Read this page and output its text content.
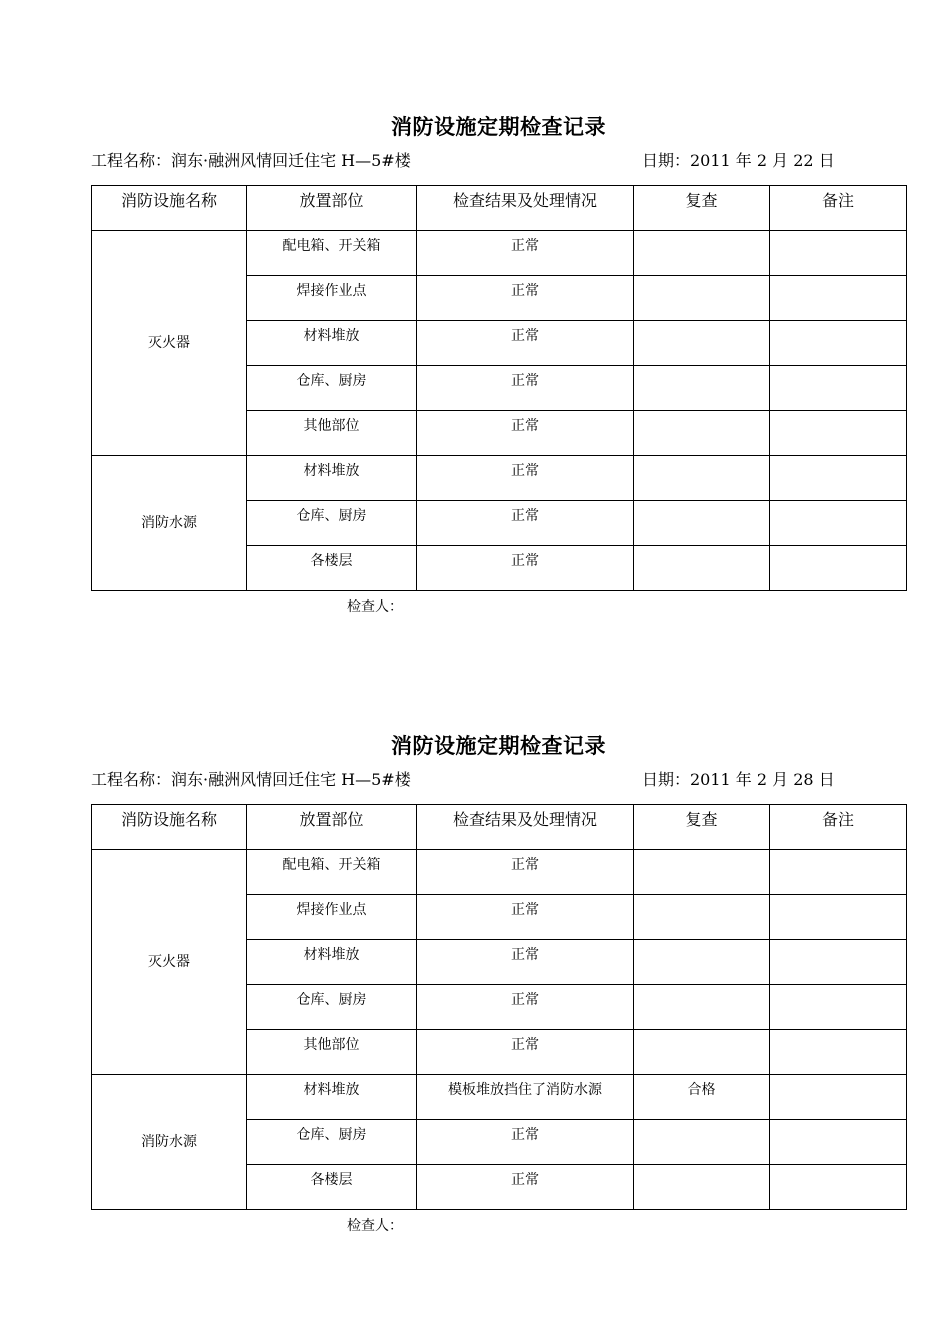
消防设施定期检查记录
工程名称：润东·融洲风情回迁住宅 H—5#楼	日期：2011 年 2 月 22 日
消防设施名称	放置部位	检查结果及处理情况	复查	备注
灭火器	配电箱、开关箱	正常		
	焊接作业点	正常		
	材料堆放	正常		
	仓库、厨房	正常		
	其他部位	正常		
消防水源	材料堆放	正常		
	仓库、厨房	正常		
	各楼层	正常		
检查人：
消防设施定期检查记录
工程名称：润东·融洲风情回迁住宅 H—5#楼	日期：2011 年 2 月 28 日
消防设施名称	放置部位	检查结果及处理情况	复查	备注
灭火器	配电箱、开关箱	正常		
	焊接作业点	正常		
	材料堆放	正常		
	仓库、厨房	正常		
	其他部位	正常		
消防水源	材料堆放	模板堆放挡住了消防水源	合格	
	仓库、厨房	正常		
	各楼层	正常		
检查人：
